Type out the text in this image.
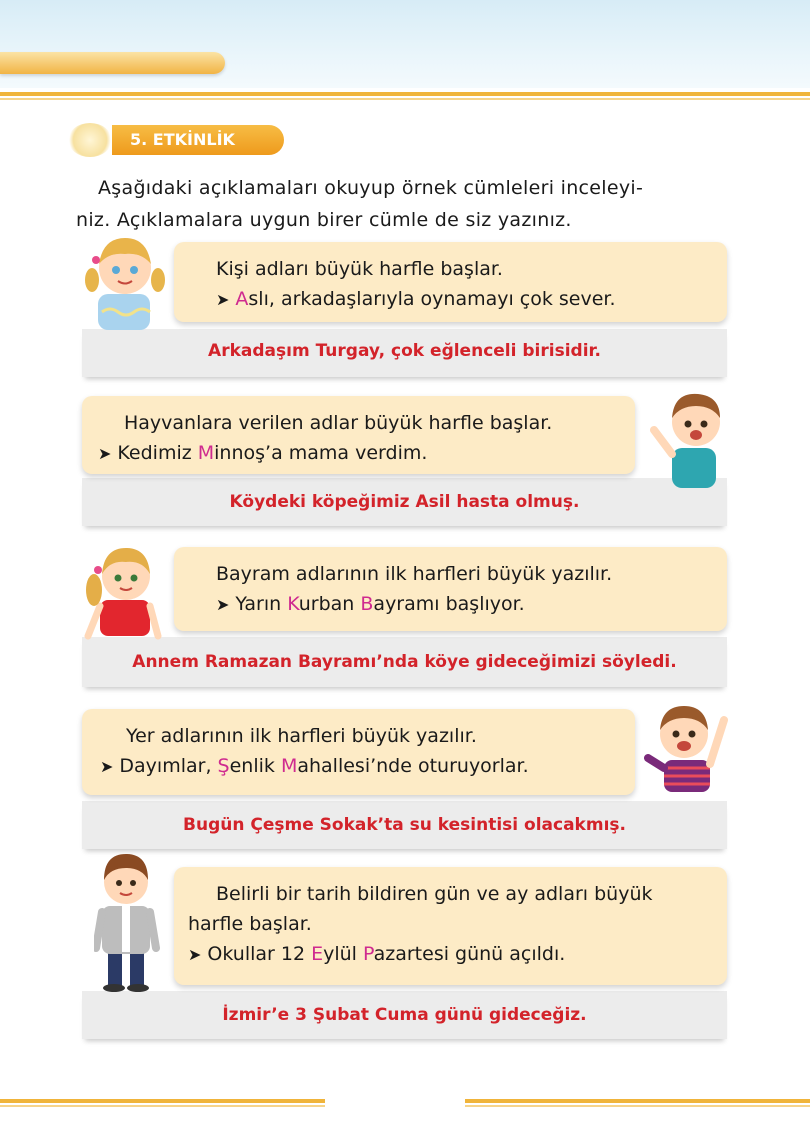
5. ETKİNLİK
Aşağıdaki açıklamaları okuyup örnek cümleleri inceleyi-
niz. Açıklamalara uygun birer cümle de siz yazınız.
Arkadaşım Turgay, çok eğlenceli birisidir.
Kişi adları büyük harfle başlar.
➤ Aslı, arkadaşlarıyla oynamayı çok sever.
Köydeki köpeğimiz Asil hasta olmuş.
Hayvanlara verilen adlar büyük harfle başlar.
➤ Kedimiz Minnoş’a mama verdim.
Annem Ramazan Bayramı’nda köye gideceğimizi söyledi.
Bayram adlarının ilk harfleri büyük yazılır.
➤ Yarın Kurban Bayramı başlıyor.
Bugün Çeşme Sokak’ta su kesintisi olacakmış.
Yer adlarının ilk harfleri büyük yazılır.
➤ Dayımlar, Şenlik Mahallesi’nde oturuyorlar.
İzmir’e 3 Şubat Cuma günü gideceğiz.
Belirli bir tarih bildiren gün ve ay adları büyük harfle başlar.
➤ Okullar 12 Eylül Pazartesi günü açıldı.
